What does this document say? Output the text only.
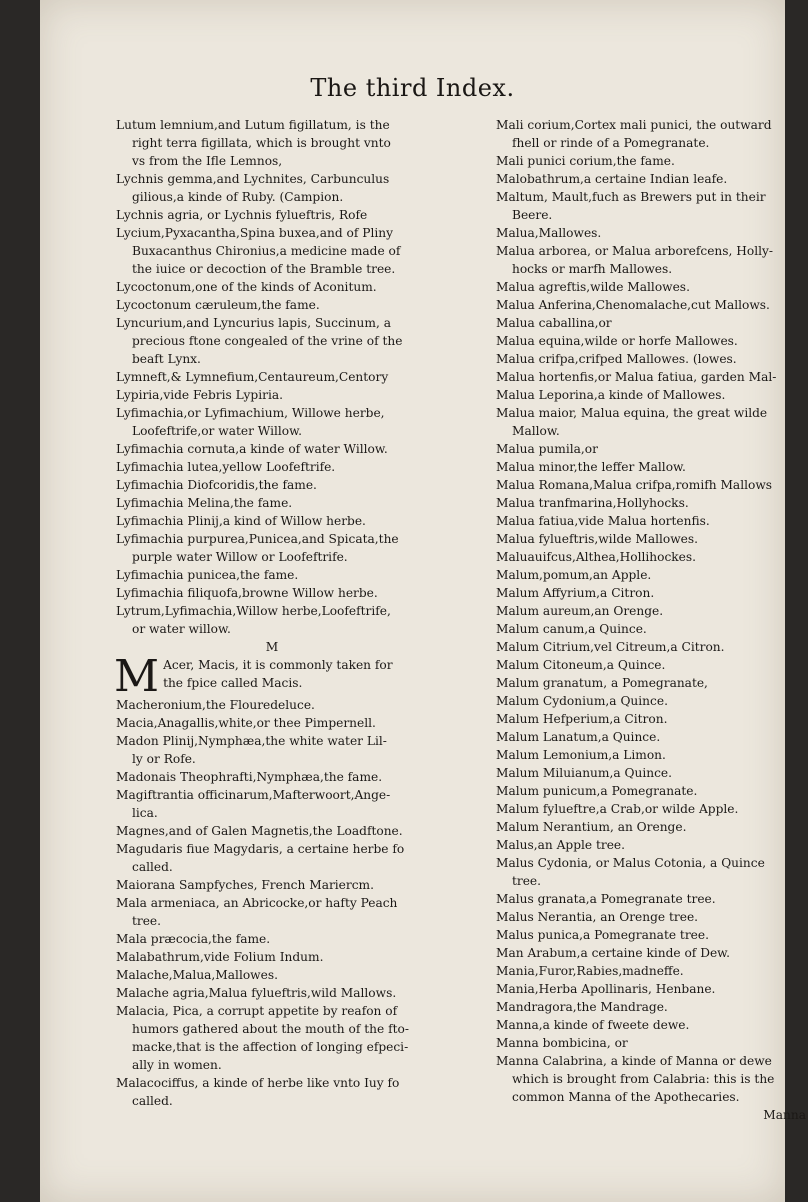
The third Index.
Lutum lemnium,and Lutum figillatum, is the
right terra figillata, which is brought vnto
vs from the Ifle Lemnos,
Lychnis gemma,and Lychnites, Carbunculus
gilious,a kinde of Ruby. (Campion.
Lychnis agria, or Lychnis fylueftris, Rofe
Lycium,Pyxacantha,Spina buxea,and of Pliny
Buxacanthus Chironius,a medicine made of
the iuice or decoction of the Bramble tree.
Lycoctonum,one of the kinds of Aconitum.
Lycoctonum cæruleum,the fame.
Lyncurium,and Lyncurius lapis, Succinum, a
precious ftone congealed of the vrine of the
beaft Lynx.
Lymneft,& Lymnefium,Centaureum,Centory
Lypiria,vide Febris Lypiria.
Lyfimachia,or Lyfimachium, Willowe herbe,
Loofeftrife,or water Willow.
Lyfimachia cornuta,a kinde of water Willow.
Lyfimachia lutea,yellow Loofeftrife.
Lyfimachia Diofcoridis,the fame.
Lyfimachia Melina,the fame.
Lyfimachia Plinij,a kind of Willow herbe.
Lyfimachia purpurea,Punicea,and Spicata,the
purple water Willow or Loofeftrife.
Lyfimachia punicea,the fame.
Lyfimachia filiquofa,browne Willow herbe.
Lytrum,Lyfimachia,Willow herbe,Loofeftrife,
or water willow.
M
M Acer, Macis, it is commonly taken for
the fpice called Macis.
Macheronium,the Flouredeluce.
Macia,Anagallis,white,or thee Pimpernell.
Madon Plinij,Nymphæa,the white water Lil-
ly or Rofe.
Madonais Theophrafti,Nymphæa,the fame.
Magiftrantia officinarum,Mafterwoort,Ange-
lica.
Magnes,and of Galen Magnetis,the Loadftone.
Magudaris fiue Magydaris, a certaine herbe fo
called.
Maiorana Sampfyches, French Mariercm.
Mala armeniaca, an Abricocke,or hafty Peach
tree.
Mala præcocia,the fame.
Malabathrum,vide Folium Indum.
Malache,Malua,Mallowes.
Malache agria,Malua fylueftris,wild Mallows.
Malacia, Pica, a corrupt appetite by reafon of
humors gathered about the mouth of the fto-
macke,that is the affection of longing efpeci-
ally in women.
Malacociffus, a kinde of herbe like vnto Iuy fo
called.
Mali corium,Cortex mali punici, the outward
fhell or rinde of a Pomegranate.
Mali punici corium,the fame.
Malobathrum,a certaine Indian leafe.
Maltum, Mault,fuch as Brewers put in their
Beere.
Malua,Mallowes.
Malua arborea, or Malua arborefcens, Holly-
hocks or marfh Mallowes.
Malua agreftis,wilde Mallowes.
Malua Anferina,Chenomalache,cut Mallows.
Malua caballina,or
Malua equina,wilde or horfe Mallowes.
Malua crifpa,crifped Mallowes. (lowes.
Malua hortenfis,or Malua fatiua, garden Mal-
Malua Leporina,a kinde of Mallowes.
Malua maior, Malua equina, the great wilde
Mallow.
Malua pumila,or
Malua minor,the leffer Mallow.
Malua Romana,Malua crifpa,romifh Mallows
Malua tranfmarina,Hollyhocks.
Malua fatiua,vide Malua hortenfis.
Malua fylueftris,wilde Mallowes.
Maluauifcus,Althea,Hollihockes.
Malum,pomum,an Apple.
Malum Affyrium,a Citron.
Malum aureum,an Orenge.
Malum canum,a Quince.
Malum Citrium,vel Citreum,a Citron.
Malum Citoneum,a Quince.
Malum granatum, a Pomegranate,
Malum Cydonium,a Quince.
Malum Hefperium,a Citron.
Malum Lanatum,a Quince.
Malum Lemonium,a Limon.
Malum Miluianum,a Quince.
Malum punicum,a Pomegranate.
Malum fylueftre,a Crab,or wilde Apple.
Malum Nerantium, an Orenge.
Malus,an Apple tree.
Malus Cydonia, or Malus Cotonia, a Quince
tree.
Malus granata,a Pomegranate tree.
Malus Nerantia, an Orenge tree.
Malus punica,a Pomegranate tree.
Man Arabum,a certaine kinde of Dew.
Mania,Furor,Rabies,madneffe.
Mania,Herba Apollinaris, Henbane.
Mandragora,the Mandrage.
Manna,a kinde of fweete dewe.
Manna bombicina, or
Manna Calabrina, a kinde of Manna or dewe
which is brought from Calabria: this is the
common Manna of the Apothecaries.
Manna
